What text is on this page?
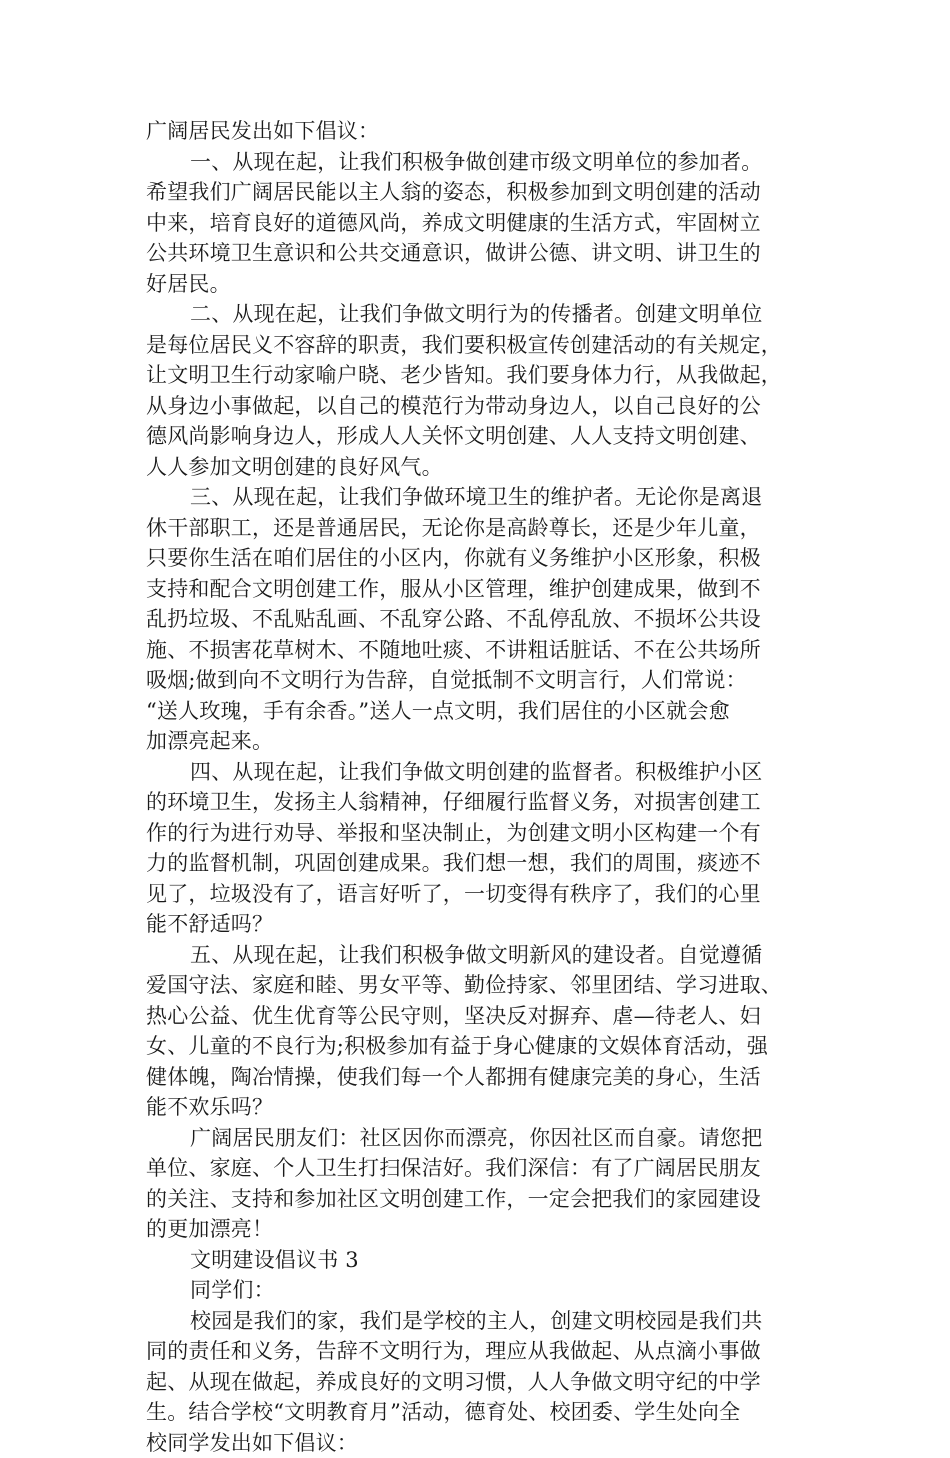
广阔居民发出如下倡议：
一、从现在起，让我们积极争做创建市级文明单位的参加者。
希望我们广阔居民能以主人翁的姿态，积极参加到文明创建的活动
中来，培育良好的道德风尚，养成文明健康的生活方式，牢固树立
公共环境卫生意识和公共交通意识，做讲公德、讲文明、讲卫生的
好居民。
二、从现在起，让我们争做文明行为的传播者。创建文明单位
是每位居民义不容辞的职责，我们要积极宣传创建活动的有关规定，
让文明卫生行动家喻户晓、老少皆知。我们要身体力行，从我做起，
从身边小事做起，以自己的模范行为带动身边人，以自己良好的公
德风尚影响身边人，形成人人关怀文明创建、人人支持文明创建、
人人参加文明创建的良好风气。
三、从现在起，让我们争做环境卫生的维护者。无论你是离退
休干部职工，还是普通居民，无论你是高龄尊长，还是少年儿童，
只要你生活在咱们居住的小区内，你就有义务维护小区形象，积极
支持和配合文明创建工作，服从小区管理，维护创建成果，做到不
乱扔垃圾、不乱贴乱画、不乱穿公路、不乱停乱放、不损坏公共设
施、不损害花草树木、不随地吐痰、不讲粗话脏话、不在公共场所
吸烟;做到向不文明行为告辞，自觉抵制不文明言行，人们常说：
“送人玫瑰，手有余香。”送人一点文明，我们居住的小区就会愈
加漂亮起来。
四、从现在起，让我们争做文明创建的监督者。积极维护小区
的环境卫生，发扬主人翁精神，仔细履行监督义务，对损害创建工
作的行为进行劝导、举报和坚决制止，为创建文明小区构建一个有
力的监督机制，巩固创建成果。我们想一想，我们的周围，痰迹不
见了，垃圾没有了，语言好听了，一切变得有秩序了，我们的心里
能不舒适吗？
五、从现在起，让我们积极争做文明新风的建设者。自觉遵循
爱国守法、家庭和睦、男女平等、勤俭持家、邻里团结、学习进取、
热心公益、优生优育等公民守则，坚决反对摒弃、虐—待老人、妇
女、儿童的不良行为;积极参加有益于身心健康的文娱体育活动，强
健体魄，陶冶情操，使我们每一个人都拥有健康完美的身心，生活
能不欢乐吗？
广阔居民朋友们：社区因你而漂亮，你因社区而自豪。请您把
单位、家庭、个人卫生打扫保洁好。我们深信：有了广阔居民朋友
的关注、支持和参加社区文明创建工作，一定会把我们的家园建设
的更加漂亮！
文明建设倡议书 3
同学们：
校园是我们的家，我们是学校的主人，创建文明校园是我们共
同的责任和义务，告辞不文明行为，理应从我做起、从点滴小事做
起、从现在做起，养成良好的文明习惯，人人争做文明守纪的中学
生。结合学校“文明教育月”活动，德育处、校团委、学生处向全
校同学发出如下倡议：
